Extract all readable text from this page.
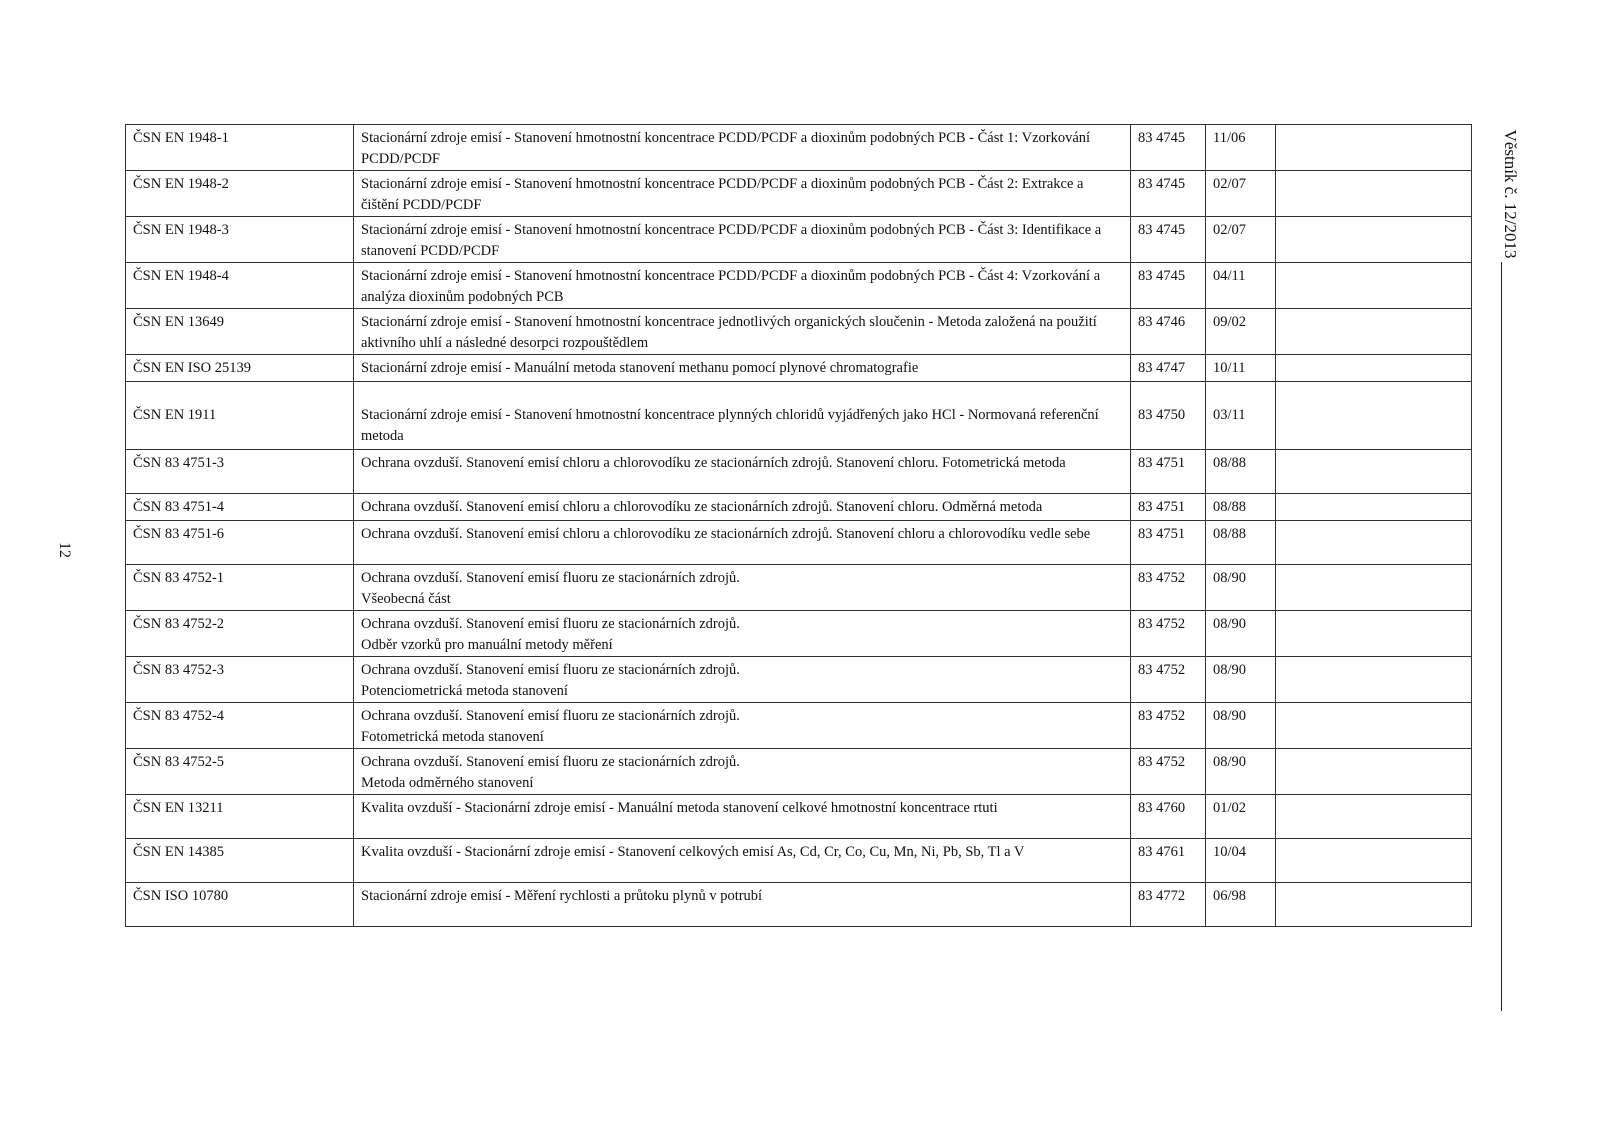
12
Věstník č. 12/2013
ČSN EN 1948-1	Stacionární zdroje emisí - Stanovení hmotnostní koncentrace PCDD/PCDF a dioxinům podobných PCB - Část 1: Vzorkování PCDD/PCDF	83 4745	11/06	
ČSN EN 1948-2	Stacionární zdroje emisí - Stanovení hmotnostní koncentrace PCDD/PCDF a dioxinům podobných PCB - Část 2: Extrakce a čištění PCDD/PCDF	83 4745	02/07	
ČSN EN 1948-3	Stacionární zdroje emisí - Stanovení hmotnostní koncentrace PCDD/PCDF a dioxinům podobných PCB - Část 3: Identifikace a stanovení PCDD/PCDF	83 4745	02/07	
ČSN EN 1948-4	Stacionární zdroje emisí - Stanovení hmotnostní koncentrace PCDD/PCDF a dioxinům podobných PCB - Část 4: Vzorkování a analýza dioxinům podobných PCB	83 4745	04/11	
ČSN EN 13649	Stacionární zdroje emisí - Stanovení hmotnostní koncentrace jednotlivých organických sloučenin - Metoda založená na použití aktivního uhlí a následné desorpci rozpouštědlem	83 4746	09/02	
ČSN EN ISO 25139	Stacionární zdroje emisí - Manuální metoda stanovení methanu pomocí plynové chromatografie	83 4747	10/11	
ČSN EN 1911	Stacionární zdroje emisí - Stanovení hmotnostní koncentrace plynných chloridů vyjádřených jako HCl - Normovaná referenční metoda	83 4750	03/11	
ČSN 83 4751-3	Ochrana ovzduší. Stanovení emisí chloru a chlorovodíku ze stacionárních zdrojů. Stanovení chloru. Fotometrická metoda	83 4751	08/88	
ČSN 83 4751-4	Ochrana ovzduší. Stanovení emisí chloru a chlorovodíku ze stacionárních zdrojů. Stanovení chloru. Odměrná metoda	83 4751	08/88	
ČSN 83 4751-6	Ochrana ovzduší. Stanovení emisí chloru a chlorovodíku ze stacionárních zdrojů. Stanovení chloru a chlorovodíku vedle sebe	83 4751	08/88	
ČSN 83 4752-1	Ochrana ovzduší. Stanovení emisí fluoru ze stacionárních zdrojů.
Všeobecná část	83 4752	08/90	
ČSN 83 4752-2	Ochrana ovzduší. Stanovení emisí fluoru ze stacionárních zdrojů.
Odběr vzorků pro manuální metody měření	83 4752	08/90	
ČSN 83 4752-3	Ochrana ovzduší. Stanovení emisí fluoru ze stacionárních zdrojů.
Potenciometrická metoda stanovení	83 4752	08/90	
ČSN 83 4752-4	Ochrana ovzduší. Stanovení emisí fluoru ze stacionárních zdrojů.
Fotometrická metoda stanovení	83 4752	08/90	
ČSN 83 4752-5	Ochrana ovzduší. Stanovení emisí fluoru ze stacionárních zdrojů.
Metoda odměrného stanovení	83 4752	08/90	
ČSN EN 13211	Kvalita ovzduší - Stacionární zdroje emisí - Manuální metoda stanovení celkové hmotnostní koncentrace rtuti	83 4760	01/02	
ČSN EN 14385	Kvalita ovzduší - Stacionární zdroje emisí - Stanovení celkových emisí As, Cd, Cr, Co, Cu, Mn, Ni, Pb, Sb, Tl a V	83 4761	10/04	
ČSN ISO 10780	Stacionární zdroje emisí - Měření rychlosti a průtoku plynů v potrubí	83 4772	06/98	
